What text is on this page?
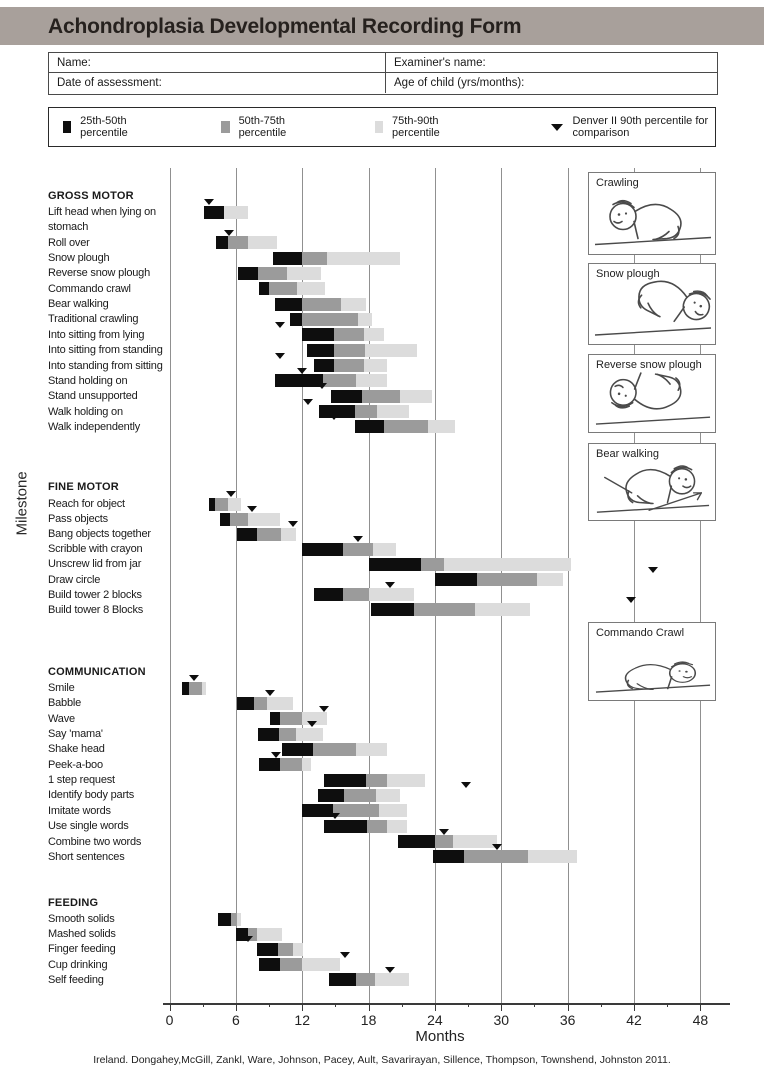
Achondroplasia Developmental Recording Form
Name:	Examiner's name:
Date of assessment:	Age of child (yrs/months):
25th-50th percentile
50th-75th percentile
75th-90th percentile
Denver II 90th percentile for comparison
Milestone
GROSS MOTOR
Lift head when lying on
stomach
Roll over
Snow plough
Reverse snow plough
Commando crawl
Bear walking
Traditional crawling
Into sitting from lying
Into sitting from standing
Into standing from sitting
Stand holding on
Stand unsupported
Walk holding on
Walk independently
FINE MOTOR
Reach for object
Pass objects
Bang objects together
Scribble with crayon
Unscrew lid from jar
Draw circle
Build tower 2 blocks
Build tower 8 Blocks
COMMUNICATION
Smile
Babble
Wave
Say 'mama'
Shake head
Peek-a-boo
1 step request
Identify body parts
Imitate words
Use single words
Combine two words
Short sentences
FEEDING
Smooth solids
Mashed solids
Finger feeding
Cup drinking
Self feeding
0	6	12	18	24	30	36	42	48
Crawling
Snow plough
Reverse snow plough
Bear walking
Commando Crawl
Months
Ireland. Dongahey,McGill, Zankl, Ware, Johnson, Pacey, Ault, Savarirayan, Sillence, Thompson, Townshend, Johnston 2011.
